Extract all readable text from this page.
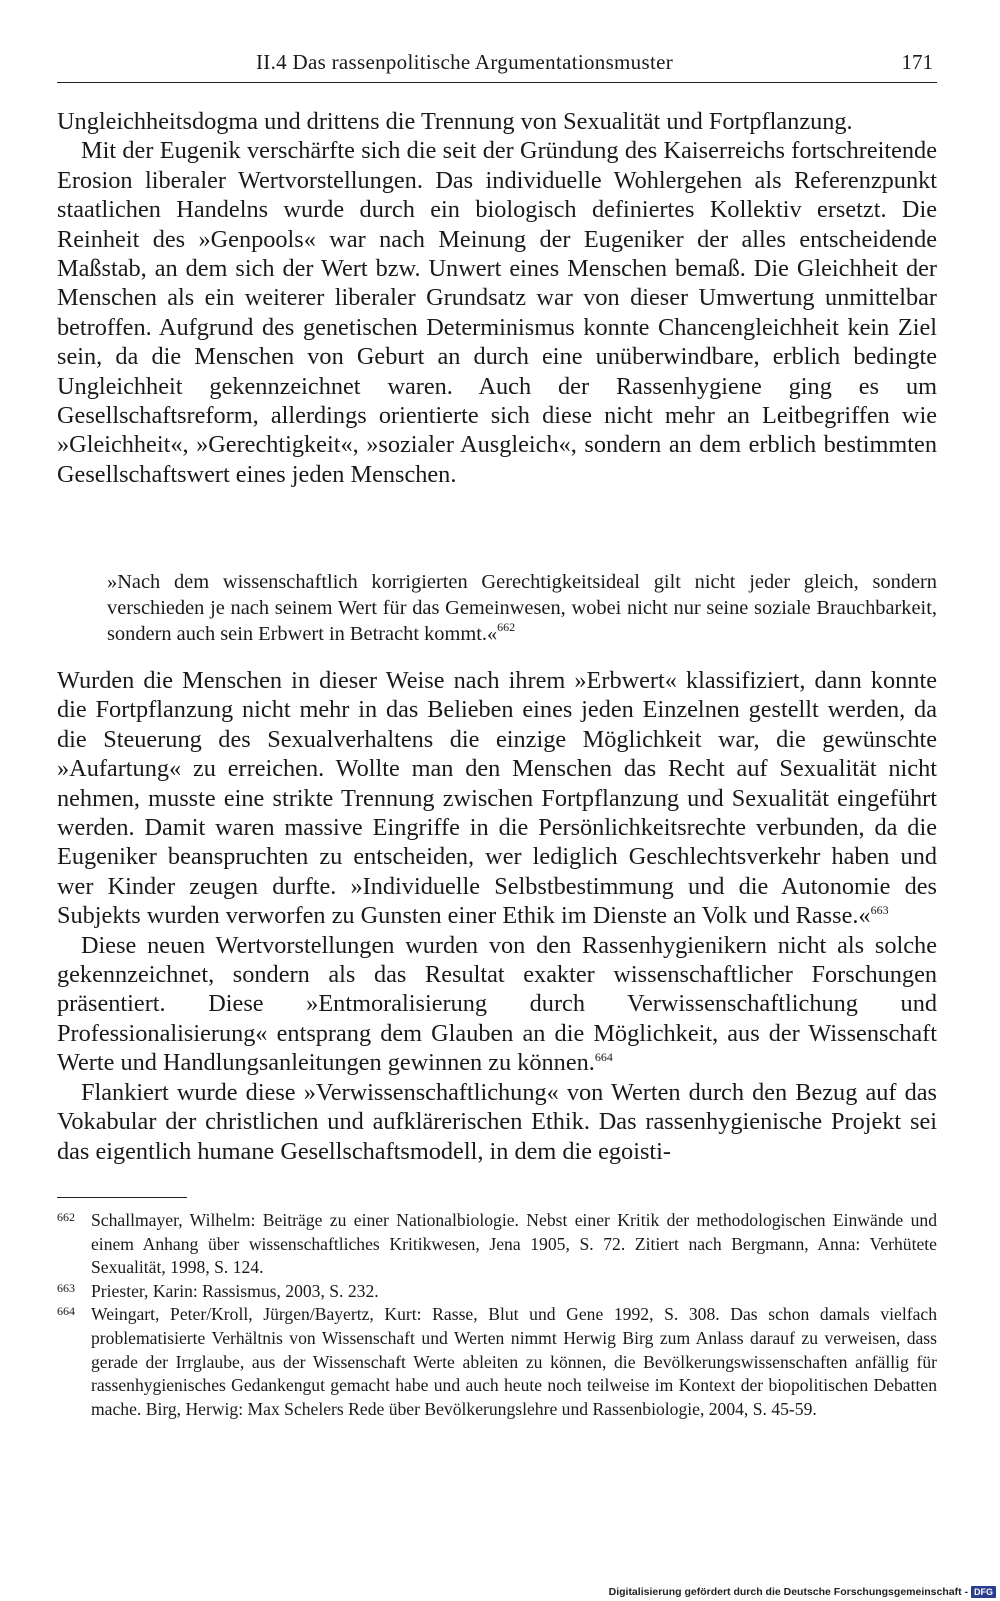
II.4 Das rassenpolitische Argumentationsmuster	171

Ungleichheitsdogma und drittens die Trennung von Sexualität und Fortpflanzung.

Mit der Eugenik verschärfte sich die seit der Gründung des Kaiserreichs fortschreitende Erosion liberaler Wertvorstellungen. Das individuelle Wohlergehen als Referenzpunkt staatlichen Handelns wurde durch ein biologisch definiertes Kollektiv ersetzt. Die Reinheit des »Genpools« war nach Meinung der Eugeniker der alles entscheidende Maßstab, an dem sich der Wert bzw. Unwert eines Menschen bemaß. Die Gleichheit der Menschen als ein weiterer liberaler Grundsatz war von dieser Umwertung unmittelbar betroffen. Aufgrund des genetischen Determinismus konnte Chancengleichheit kein Ziel sein, da die Menschen von Geburt an durch eine unüberwindbare, erblich bedingte Ungleichheit gekennzeichnet waren. Auch der Rassenhygiene ging es um Gesellschaftsreform, allerdings orientierte sich diese nicht mehr an Leitbegriffen wie »Gleichheit«, »Gerechtigkeit«, »sozialer Ausgleich«, sondern an dem erblich bestimmten Gesellschaftswert eines jeden Menschen.

»Nach dem wissenschaftlich korrigierten Gerechtigkeitsideal gilt nicht jeder gleich, sondern verschieden je nach seinem Wert für das Gemeinwesen, wobei nicht nur seine soziale Brauchbarkeit, sondern auch sein Erbwert in Betracht kommt.«$^{662}$

Wurden die Menschen in dieser Weise nach ihrem »Erbwert« klassifiziert, dann konnte die Fortpflanzung nicht mehr in das Belieben eines jeden Einzelnen gestellt werden, da die Steuerung des Sexualverhaltens die einzige Möglichkeit war, die gewünschte »Aufartung« zu erreichen. Wollte man den Menschen das Recht auf Sexualität nicht nehmen, musste eine strikte Trennung zwischen Fortpflanzung und Sexualität eingeführt werden. Damit waren massive Eingriffe in die Persönlichkeitsrechte verbunden, da die Eugeniker beanspruchten zu entscheiden, wer lediglich Geschlechtsverkehr haben und wer Kinder zeugen durfte. »Individuelle Selbstbestimmung und die Autonomie des Subjekts wurden verworfen zu Gunsten einer Ethik im Dienste an Volk und Rasse.«$^{663}$

Diese neuen Wertvorstellungen wurden von den Rassenhygienikern nicht als solche gekennzeichnet, sondern als das Resultat exakter wissenschaftlicher Forschungen präsentiert. Diese »Entmoralisierung durch Verwissenschaftlichung und Professionalisierung« entsprang dem Glauben an die Möglichkeit, aus der Wissenschaft Werte und Handlungsanleitungen gewinnen zu können.$^{664}$

Flankiert wurde diese »Verwissenschaftlichung« von Werten durch den Bezug auf das Vokabular der christlichen und aufklärerischen Ethik. Das rassenhygienische Projekt sei das eigentlich humane Gesellschaftsmodell, in dem die egoisti-

662 Schallmayer, Wilhelm: Beiträge zu einer Nationalbiologie. Nebst einer Kritik der methodologischen Einwände und einem Anhang über wissenschaftliches Kritikwesen, Jena 1905, S. 72. Zitiert nach Bergmann, Anna: Verhütete Sexualität, 1998, S. 124.

663 Priester, Karin: Rassismus, 2003, S. 232.

664 Weingart, Peter/Kroll, Jürgen/Bayertz, Kurt: Rasse, Blut und Gene 1992, S. 308. Das schon damals vielfach problematisierte Verhältnis von Wissenschaft und Werten nimmt Herwig Birg zum Anlass darauf zu verweisen, dass gerade der Irrglaube, aus der Wissenschaft Werte ableiten zu können, die Bevölkerungswissenschaften anfällig für rassenhygienisches Gedankengut gemacht habe und auch heute noch teilweise im Kontext der biopolitischen Debatten mache. Birg, Herwig: Max Schelers Rede über Bevölkerungslehre und Rassenbiologie, 2004, S. 45-59.

Digitalisierung gefördert durch die Deutsche Forschungsgemeinschaft - DFG
